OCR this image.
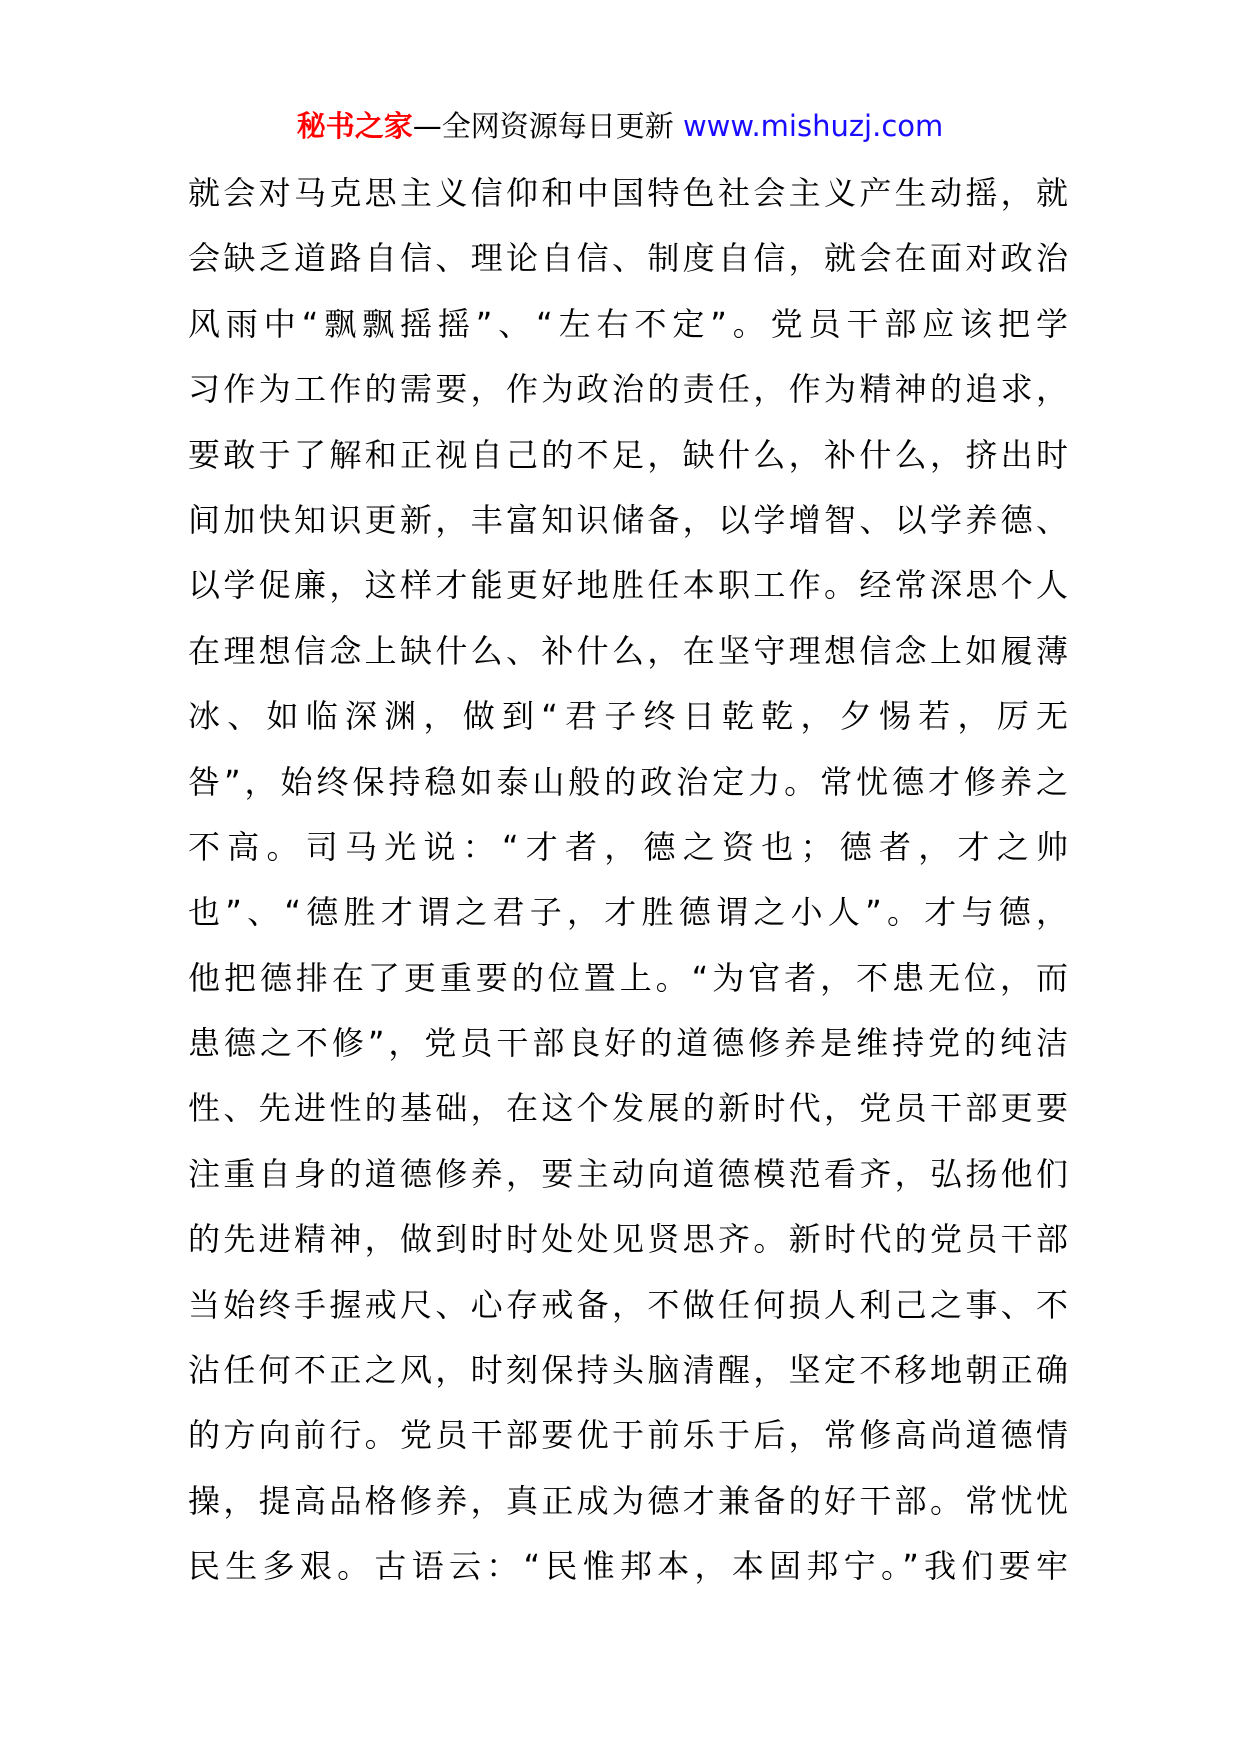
秘书之家—全网资源每日更新 www.mishuzj.com
就会对马克思主义信仰和中国特色社会主义产生动摇，就
会缺乏道路自信、理论自信、制度自信，就会在面对政治
风雨中“飘飘摇摇”、“左右不定”。党员干部应该把学
习作为工作的需要，作为政治的责任，作为精神的追求，
要敢于了解和正视自己的不足，缺什么，补什么，挤出时
间加快知识更新，丰富知识储备，以学增智、以学养德、
以学促廉，这样才能更好地胜任本职工作。经常深思个人
在理想信念上缺什么、补什么，在坚守理想信念上如履薄
冰、如临深渊，做到“君子终日乾乾，夕惕若，厉无
咎”，始终保持稳如泰山般的政治定力。常忧德才修养之
不高。司马光说：“才者，德之资也；德者，才之帅
也”、“德胜才谓之君子，才胜德谓之小人”。才与德，
他把德排在了更重要的位置上。“为官者，不患无位，而
患德之不修”，党员干部良好的道德修养是维持党的纯洁
性、先进性的基础，在这个发展的新时代，党员干部更要
注重自身的道德修养，要主动向道德模范看齐，弘扬他们
的先进精神，做到时时处处见贤思齐。新时代的党员干部
当始终手握戒尺、心存戒备，不做任何损人利己之事、不
沾任何不正之风，时刻保持头脑清醒，坚定不移地朝正确
的方向前行。党员干部要优于前乐于后，常修高尚道德情
操，提高品格修养，真正成为德才兼备的好干部。常忧忧
民生多艰。古语云：“民惟邦本，本固邦宁。”我们要牢
